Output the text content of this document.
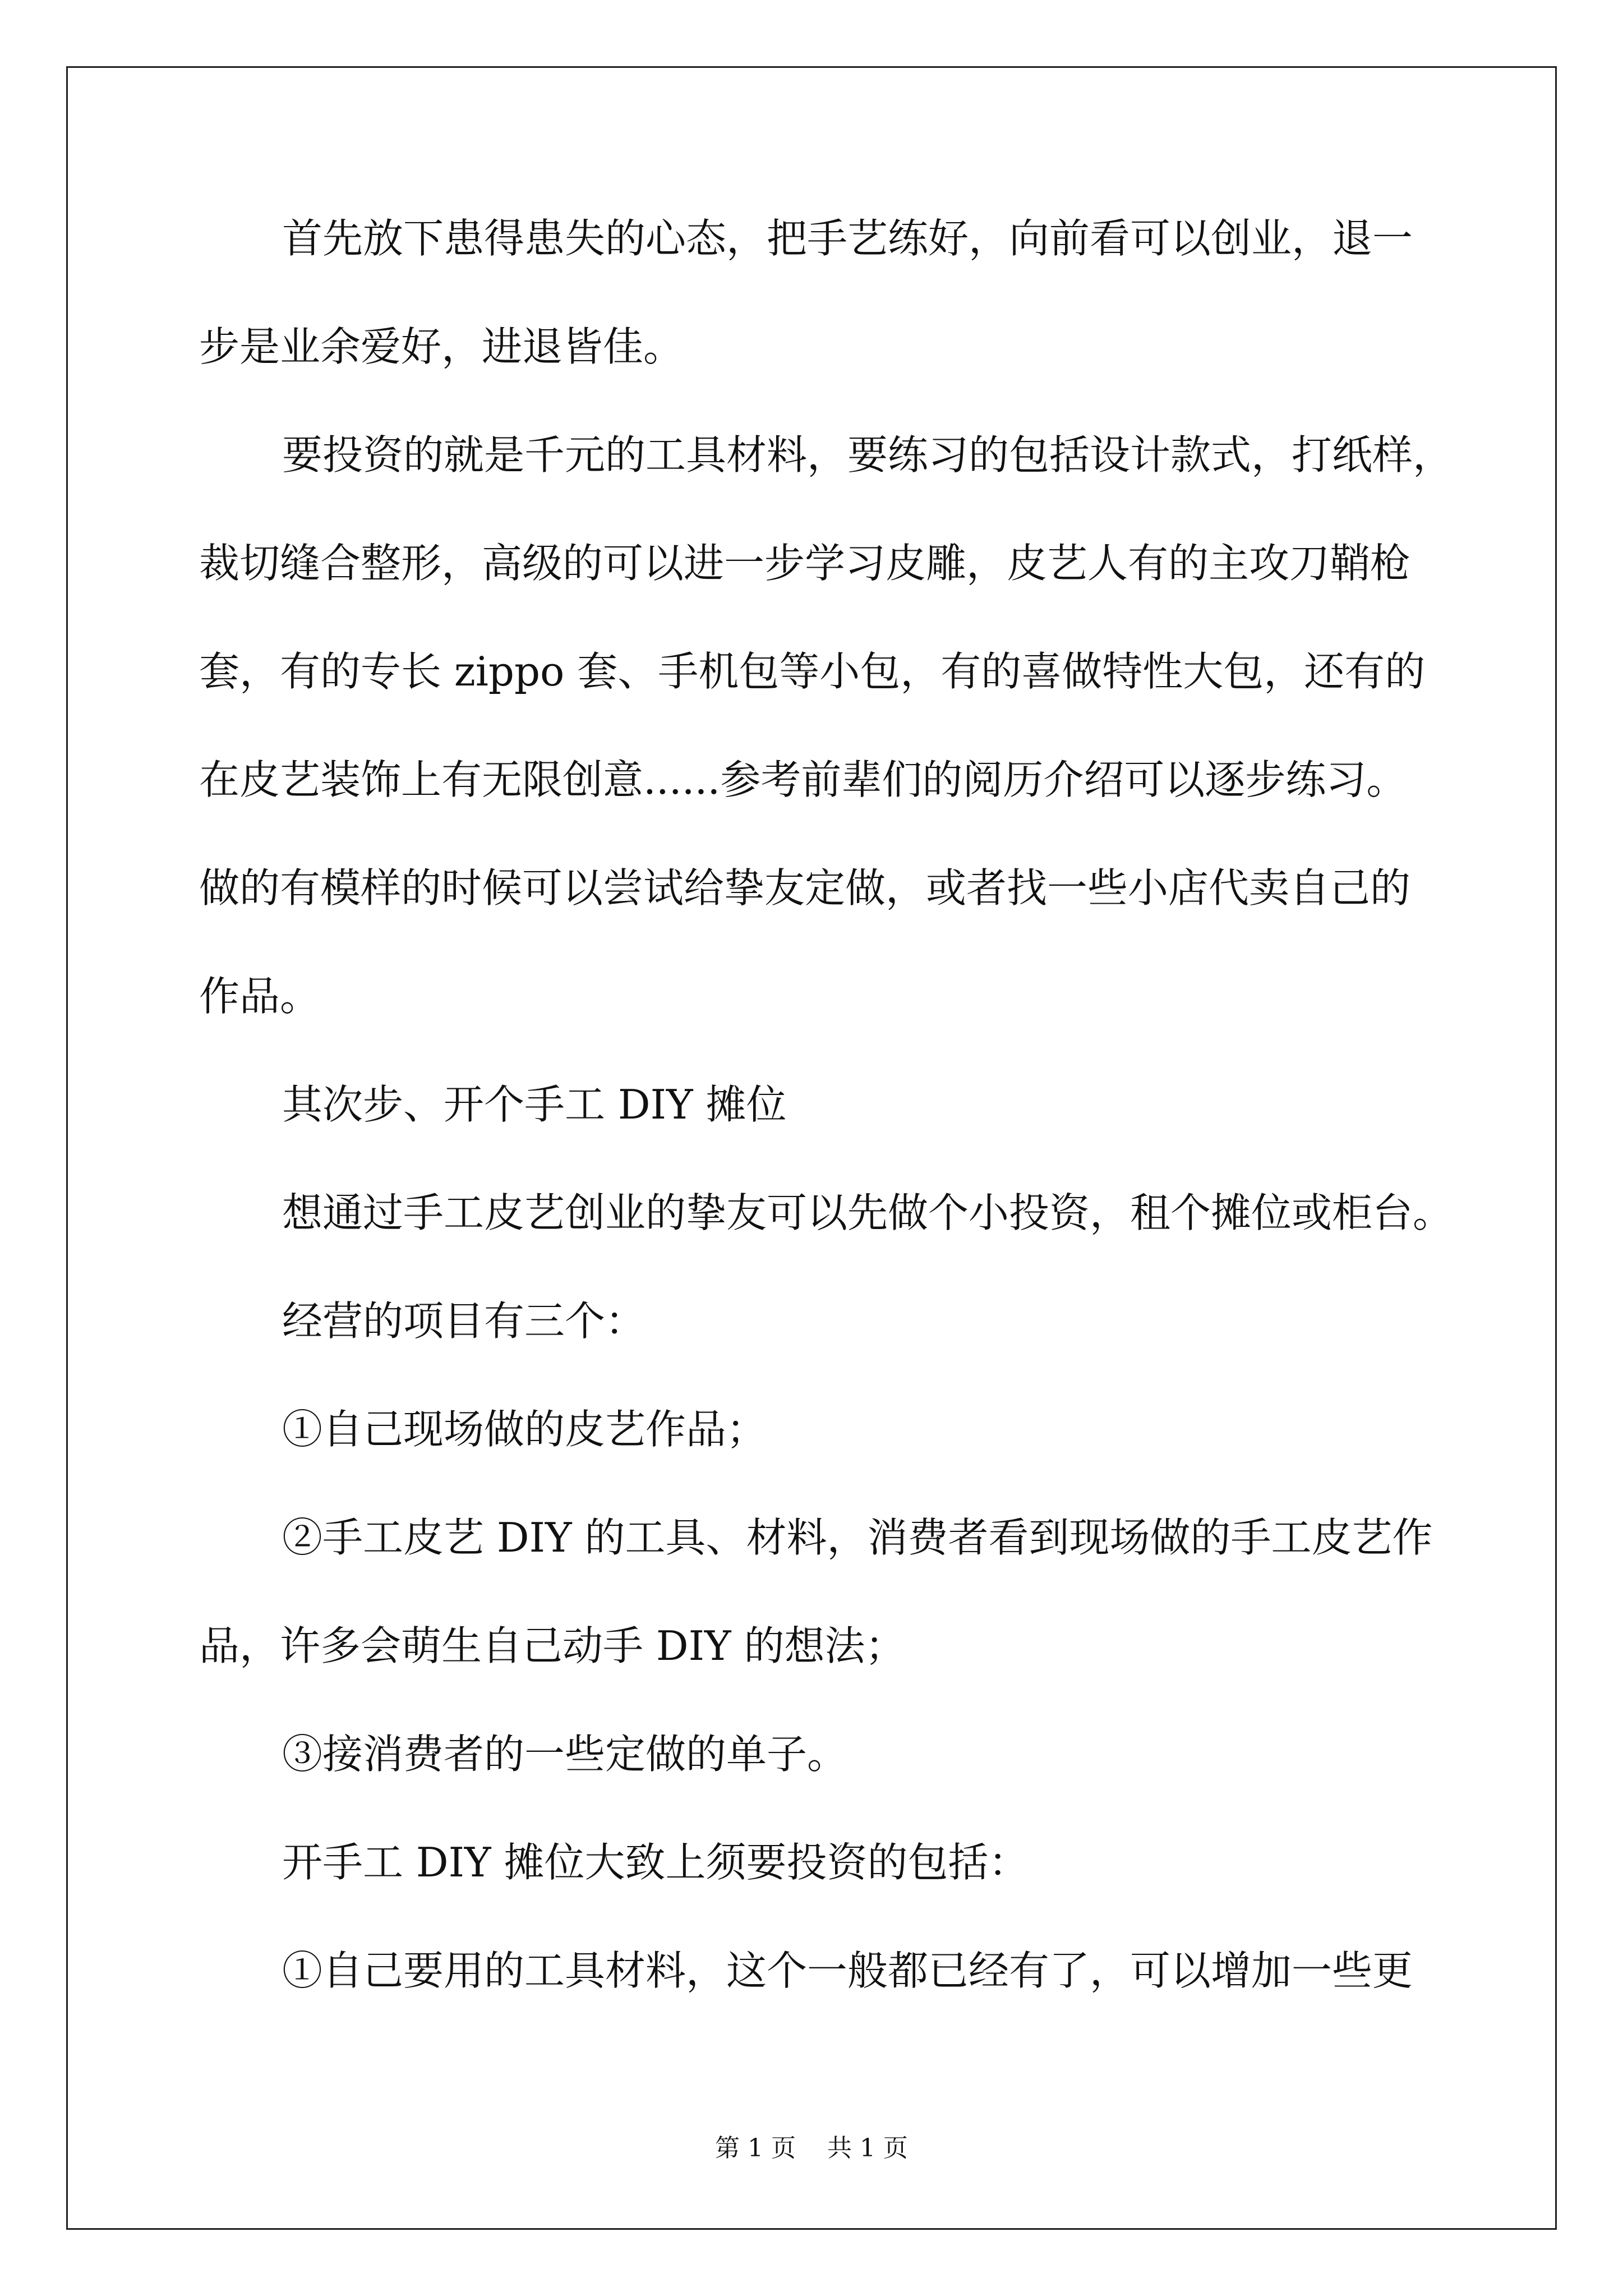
首先放下患得患失的心态，把手艺练好，向前看可以创业，退一
步是业余爱好，进退皆佳。
要投资的就是千元的工具材料，要练习的包括设计款式，打纸样，
裁切缝合整形，高级的可以进一步学习皮雕，皮艺人有的主攻刀鞘枪
套，有的专长 zippo 套、手机包等小包，有的喜做特性大包，还有的
在皮艺装饰上有无限创意......参考前辈们的阅历介绍可以逐步练习。
做的有模样的时候可以尝试给挚友定做，或者找一些小店代卖自己的
作品。
其次步、开个手工 DIY 摊位
想通过手工皮艺创业的挚友可以先做个小投资，租个摊位或柜台。
经营的项目有三个：
①自己现场做的皮艺作品；
②手工皮艺 DIY 的工具、材料，消费者看到现场做的手工皮艺作
品，许多会萌生自己动手 DIY 的想法；
③接消费者的一些定做的单子。
开手工 DIY 摊位大致上须要投资的包括：
①自己要用的工具材料，这个一般都已经有了，可以增加一些更
第 1 页    共 1 页
